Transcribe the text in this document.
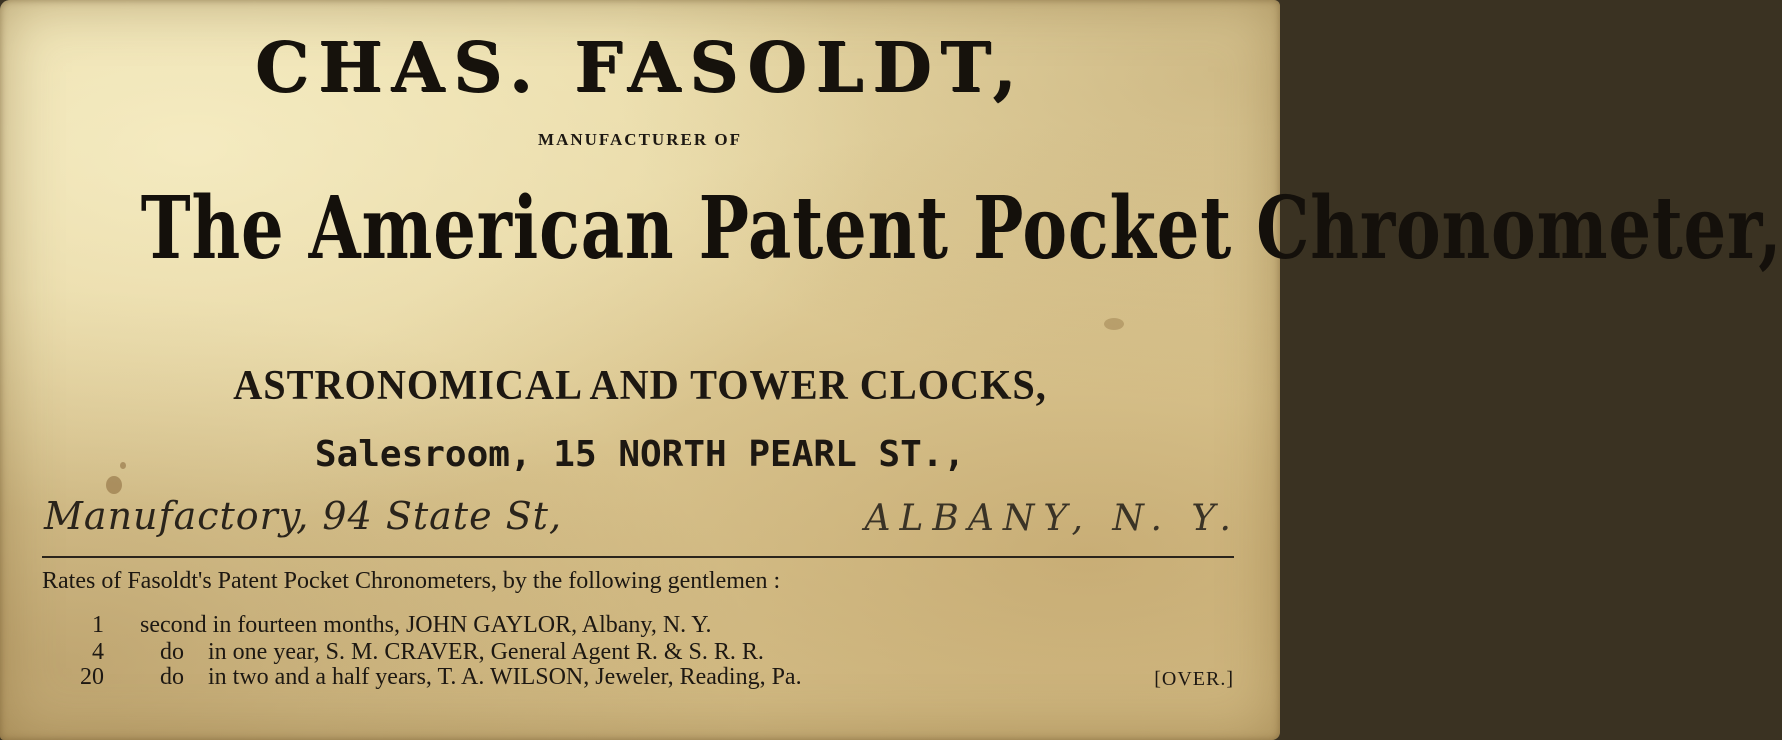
CHAS. FASOLDT,
MANUFACTURER OF
The American Patent Pocket Chronometer,
ASTRONOMICAL AND TOWER CLOCKS,
Salesroom, 15 NORTH PEARL ST.,
Manufactory, 94 State St,	ALBANY, N. Y.
Rates of Fasoldt's Patent Pocket Chronometers, by the following gentlemen :
1 second in fourteen months, JOHN GAYLOR, Albany, N. Y.
4 do    in one year, S. M. CRAVER, General Agent R. & S. R. R.
20 do    in two and a half years, T. A. WILSON, Jeweler, Reading, Pa.	[OVER.]
